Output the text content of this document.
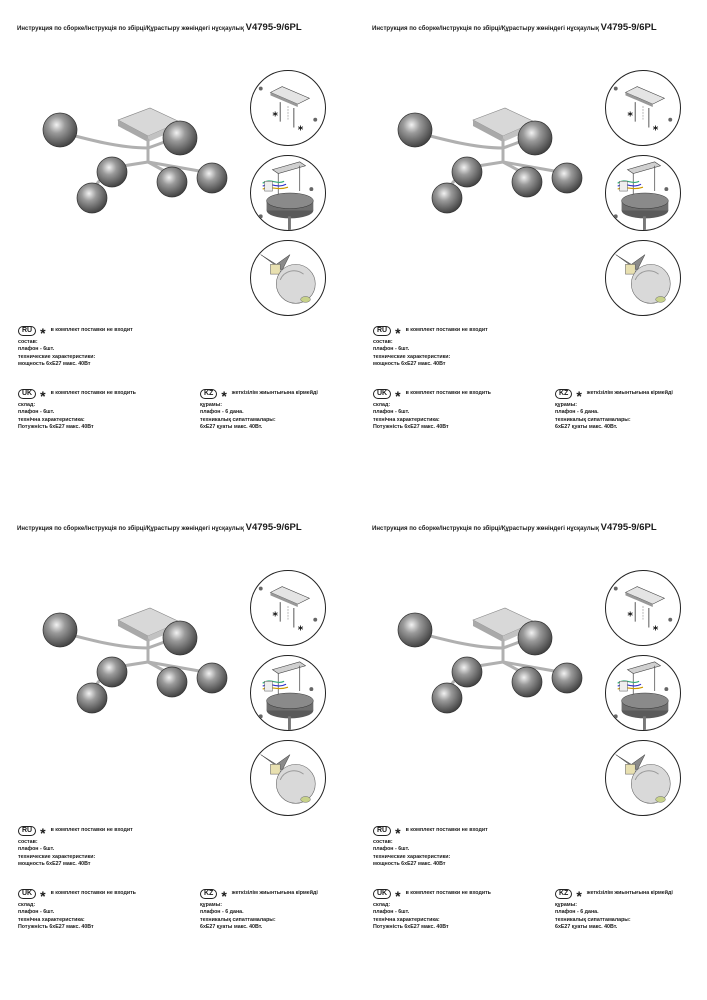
Инструкция по сборке/Інструкція по збірці/Құрастыру жөніндегі нұсқаулық V4795-9/6PL
*
*
RU * в комплект поставки не входит
состав:
плафон - 6шт.
технические характеристики:
мощность 6хЕ27 макс. 40Вт
UK * в комплект поставки не входить
склад:
плафон - 6шт.
технічна характеристика:
Потужність 6хЕ27 макс. 40Вт
KZ * жеткізілім жиынтығына кірмейді
құрамы:
плафон - 6 дана.
техникалық сипаттамалары:
6хЕ27 қуаты макс. 40Вт.
Инструкция по сборке/Інструкція по збірці/Құрастыру жөніндегі нұсқаулық V4795-9/6PL
*
*
RU * в комплект поставки не входит
состав:
плафон - 6шт.
технические характеристики:
мощность 6хЕ27 макс. 40Вт
UK * в комплект поставки не входить
склад:
плафон - 6шт.
технічна характеристика:
Потужність 6хЕ27 макс. 40Вт
KZ * жеткізілім жиынтығына кірмейді
құрамы:
плафон - 6 дана.
техникалық сипаттамалары:
6хЕ27 қуаты макс. 40Вт.
Инструкция по сборке/Інструкція по збірці/Құрастыру жөніндегі нұсқаулық V4795-9/6PL
*
*
RU * в комплект поставки не входит
состав:
плафон - 6шт.
технические характеристики:
мощность 6хЕ27 макс. 40Вт
UK * в комплект поставки не входить
склад:
плафон - 6шт.
технічна характеристика:
Потужність 6хЕ27 макс. 40Вт
KZ * жеткізілім жиынтығына кірмейді
құрамы:
плафон - 6 дана.
техникалық сипаттамалары:
6хЕ27 қуаты макс. 40Вт.
Инструкция по сборке/Інструкція по збірці/Құрастыру жөніндегі нұсқаулық V4795-9/6PL
*
*
RU * в комплект поставки не входит
состав:
плафон - 6шт.
технические характеристики:
мощность 6хЕ27 макс. 40Вт
UK * в комплект поставки не входить
склад:
плафон - 6шт.
технічна характеристика:
Потужність 6хЕ27 макс. 40Вт
KZ * жеткізілім жиынтығына кірмейді
құрамы:
плафон - 6 дана.
техникалық сипаттамалары:
6хЕ27 қуаты макс. 40Вт.
